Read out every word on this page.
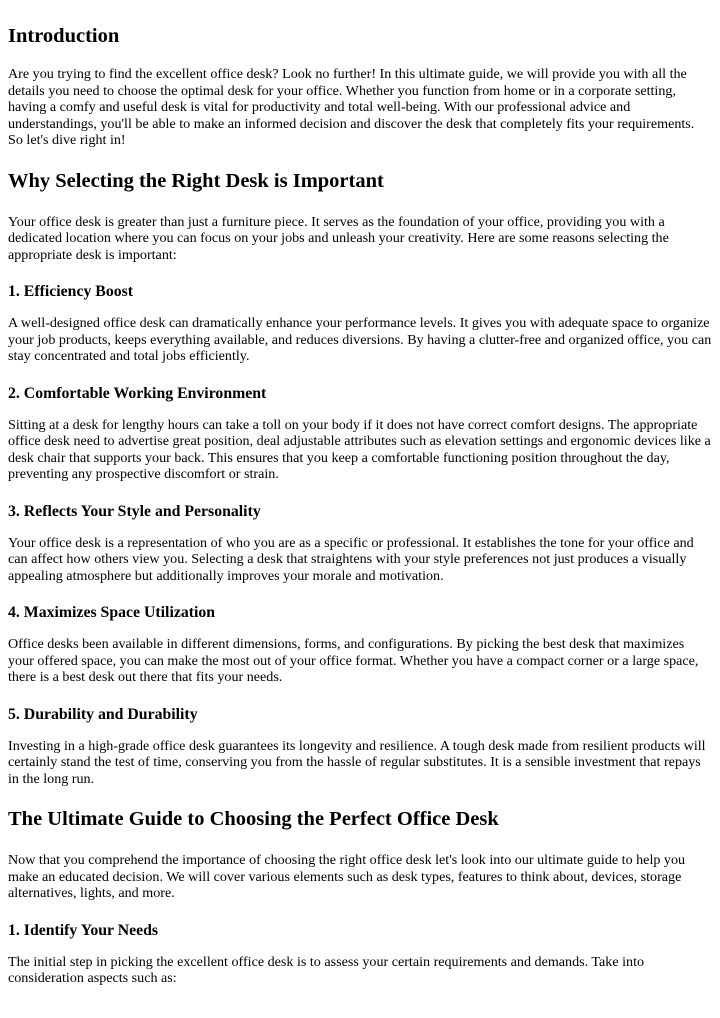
Introduction

Are you trying to find the excellent office desk? Look no further! In this ultimate guide, we will provide you with all the details you need to choose the optimal desk for your office. Whether you function from home or in a corporate setting, having a comfy and useful desk is vital for productivity and total well-being. With our professional advice and understandings, you'll be able to make an informed decision and discover the desk that completely fits your requirements. So let's dive right in!

Why Selecting the Right Desk is Important

Your office desk is greater than just a furniture piece. It serves as the foundation of your office, providing you with a dedicated location where you can focus on your jobs and unleash your creativity. Here are some reasons selecting the appropriate desk is important:

1. Efficiency Boost

A well-designed office desk can dramatically enhance your performance levels. It gives you with adequate space to organize your job products, keeps everything available, and reduces diversions. By having a clutter-free and organized office, you can stay concentrated and total jobs efficiently.

2. Comfortable Working Environment

Sitting at a desk for lengthy hours can take a toll on your body if it does not have correct comfort designs. The appropriate office desk need to advertise great position, deal adjustable attributes such as elevation settings and ergonomic devices like a desk chair that supports your back. This ensures that you keep a comfortable functioning position throughout the day, preventing any prospective discomfort or strain.

3. Reflects Your Style and Personality

Your office desk is a representation of who you are as a specific or professional. It establishes the tone for your office and can affect how others view you. Selecting a desk that straightens with your style preferences not just produces a visually appealing atmosphere but additionally improves your morale and motivation.

4. Maximizes Space Utilization

Office desks been available in different dimensions, forms, and configurations. By picking the best desk that maximizes your offered space, you can make the most out of your office format. Whether you have a compact corner or a large space, there is a best desk out there that fits your needs.

5. Durability and Durability

Investing in a high-grade office desk guarantees its longevity and resilience. A tough desk made from resilient products will certainly stand the test of time, conserving you from the hassle of regular substitutes. It is a sensible investment that repays in the long run.

The Ultimate Guide to Choosing the Perfect Office Desk

Now that you comprehend the importance of choosing the right office desk let's look into our ultimate guide to help you make an educated decision. We will cover various elements such as desk types, features to think about, devices, storage alternatives, lights, and more.

1. Identify Your Needs

The initial step in picking the excellent office desk is to assess your certain requirements and demands. Take into consideration aspects such as:
